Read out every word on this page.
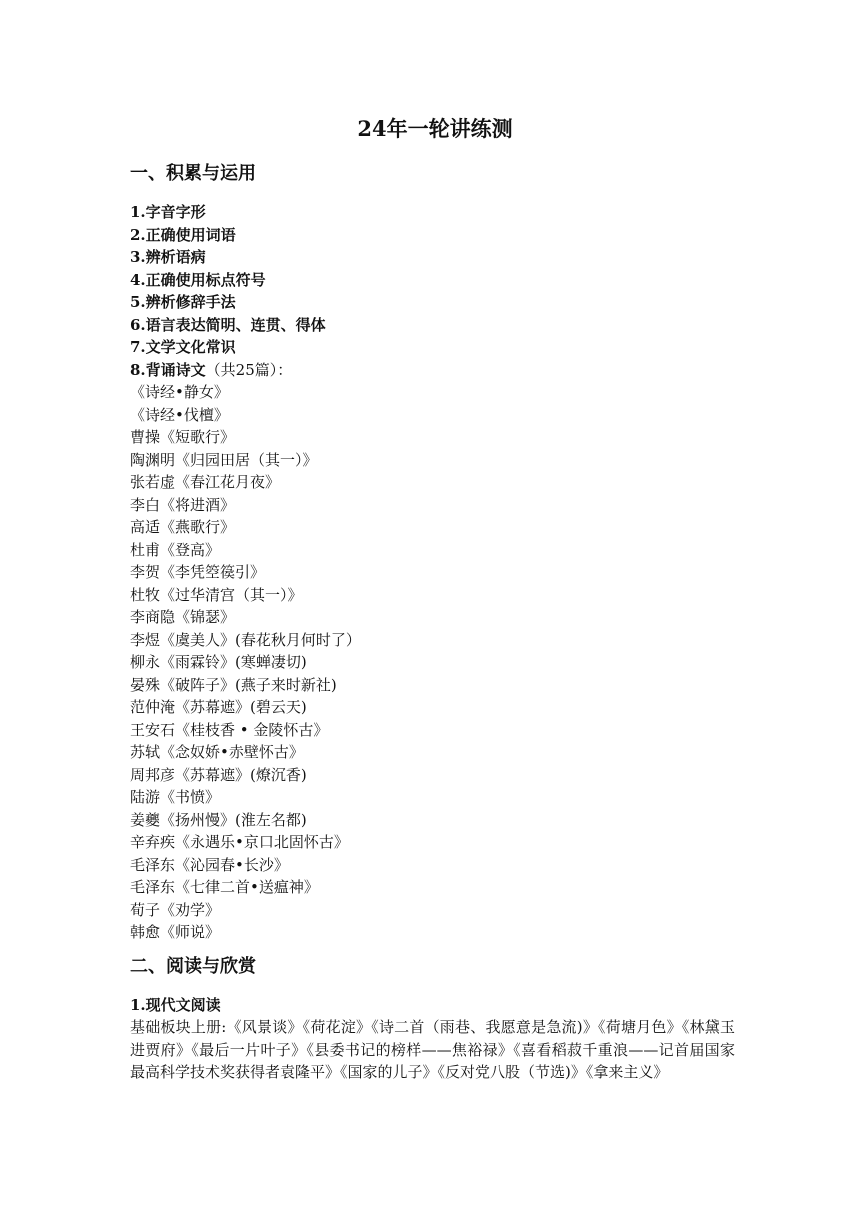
24年一轮讲练测
一、积累与运用
1.字音字形
2.正确使用词语
3.辨析语病
4.正确使用标点符号
5.辨析修辞手法
6.语言表达简明、连贯、得体
7.文学文化常识
8.背诵诗文（共25篇）：
《诗经•静女》
《诗经•伐檀》
曹操《短歌行》
陶渊明《归园田居（其一）》
张若虚《春江花月夜》
李白《将进酒》
高适《燕歌行》
杜甫《登高》
李贺《李凭箜篌引》
杜牧《过华清宫（其一）》
李商隐《锦瑟》
李煜《虞美人》(春花秋月何时了）
柳永《雨霖铃》(寒蝉凄切)
晏殊《破阵子》(燕子来时新社)
范仲淹《苏幕遮》(碧云天)
王安石《桂枝香 • 金陵怀古》
苏轼《念奴娇•赤壁怀古》
周邦彦《苏幕遮》(燎沉香)
陆游《书愤》
姜夔《扬州慢》(淮左名都)
辛弃疾《永遇乐•京口北固怀古》
毛泽东《沁园春•长沙》
毛泽东《七律二首•送瘟神》
荀子《劝学》
韩愈《师说》
二、阅读与欣赏
1.现代文阅读
基础板块上册:《风景谈》《荷花淀》《诗二首（雨巷、我愿意是急流)》《荷塘月色》《林黛玉进贾府》《最后一片叶子》《县委书记的榜样——焦裕禄》《喜看稻菽千重浪——记首届国家最高科学技术奖获得者袁隆平》《国家的儿子》《反对党八股（节选)》《拿来主义》
